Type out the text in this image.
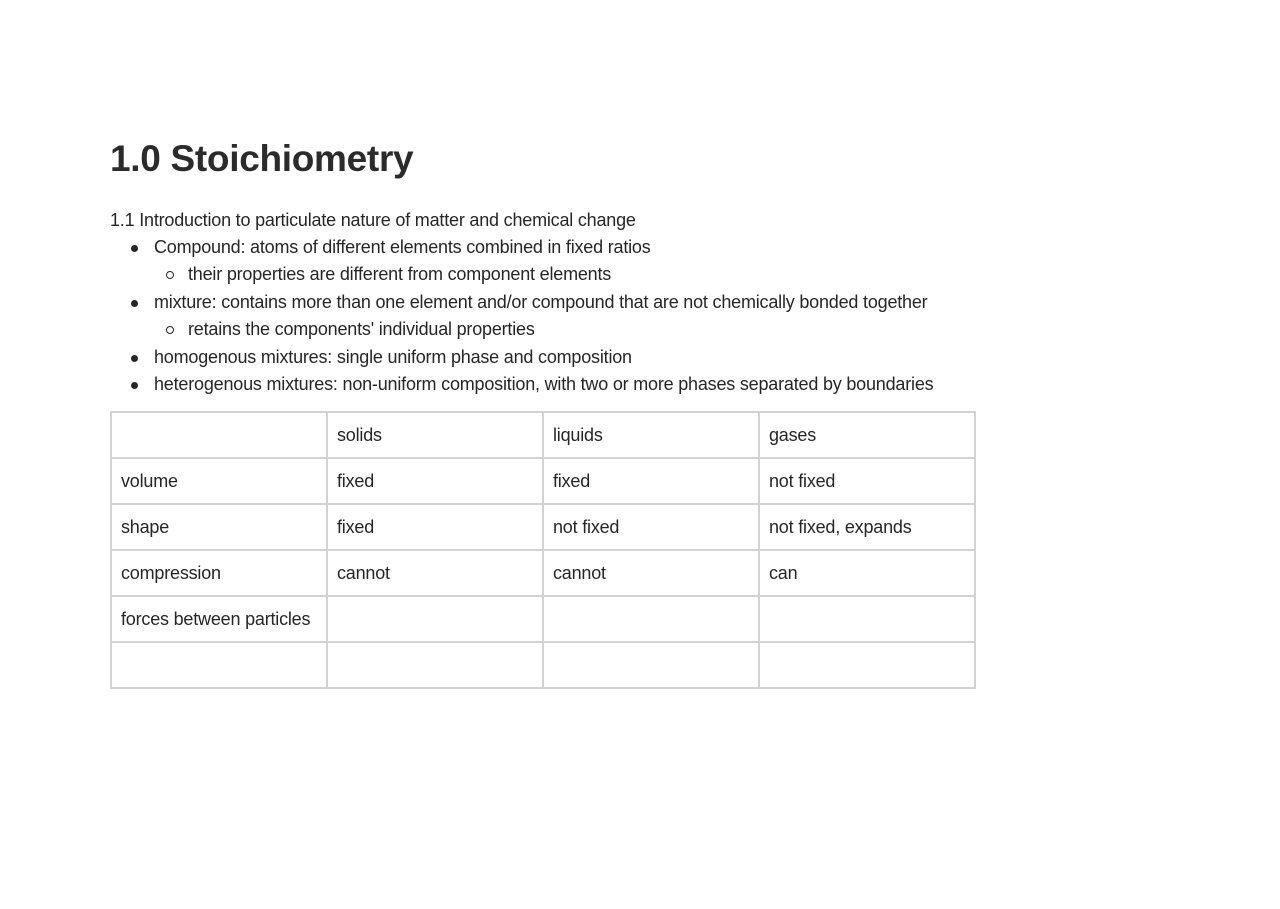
1.0 Stoichiometry

1.1 Introduction to particulate nature of matter and chemical change

Compound: atoms of different elements combined in fixed ratios
their properties are different from component elements
mixture: contains more than one element and/or compound that are not chemically bonded together
retains the components' individual properties
homogenous mixtures: single uniform phase and composition
heterogenous mixtures: non-uniform composition, with two or more phases separated by boundaries
	solids	liquids	gases
volume	fixed	fixed	not fixed
shape	fixed	not fixed	not fixed, expands
compression	cannot	cannot	can
forces between particles			
